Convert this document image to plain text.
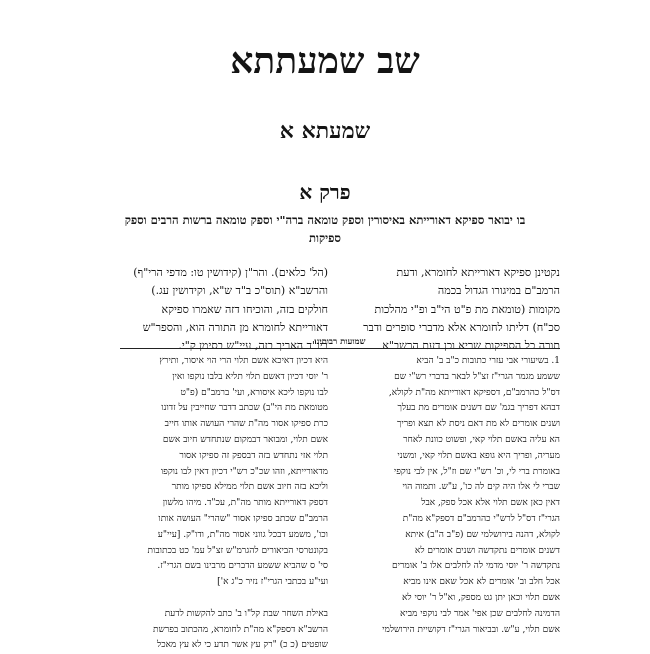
שב שמעתתא
שמעתא א
פרק א
בו יבואר ספיקא דאורייתא באיסורין וספק טומאה ברה"י וספק טומאה ברשות הרבים וספק ספיקות
נקטינן ספיקא דאורייתא לחומרא, ודעת
הרמב"ם במיגורו הגדול בכמה
מקומות (טומאת מת פ"ט הי"ב ופ"י מהלכות
סכ"ח) דליתו לחומרא אלא מדברי סופרים ודבר
תורה כל הספיקות שריא וכן דעת הרשב"א
(הל' כלאים). והר"ן (קידושין טו: מדפי הרי"ף)
והרשב"א (תוס"כ ב"ד ש"א, וקידושין עג.)
חולקים בזה, והוכיחו דזה שאמרו ספיקא
דאורייתא לחומרא מן התורה הוא, והספר"ש
ביו"ד האריך בזה, עיי"ש בסימן ק"י.
שמועות רבותינו
1. בשיעורי אבי עזרי כתובות כ"ב ב' הביא
ששמע מגמר הגרי"ז זצ"ל לבאר בדברי רש"י שם
דס"ל כהרמב"ם, דספיקא דאורייתא מה"ת לקולא,
דבהא דפריך בגמ' שם דשנים אומרים מת בעלך
ושנים אומרים לא מת דאם ניסת לא תצא ופריך
הא עליה באשם תלוי קאי, ופשוט כוונת לאחר
מעריה, ופריך היא גופא באשם תלוי קאי, ומשני
באומרת ברי לי, וכ' רש"י שם וז"ל, אין לבי נוקפי
שברי לי אלו היה קים לה כו', ע"ש. ותמוה הוי
דאין כאן אשם תלוי אלא אכל ספק, אבל
הגרי"ז דס"ל לרש"י כהרמב"ם דספק"א מה"ת
לקולא, דהנה בירושלמי שם (פ"ב ה"ב) איתא
דשנים אומרים נתקדשה ושנים אומרים לא
נתקדשה ר' יוסי מדמי לה לחלבים אלו ב' אומרים
אכל חלב וב' אומרים לא אכל שאם אינו מביא
אשם תלוי וכאן יתן גט מספק, וא"ל ר' יוסי לא
הדמינה לחלבים שכן אפי' אמר לבי נוקפי מביא
אשם תלוי, ע"ש. ובביאור הגרי"ז דקושיית הירושלמי
היא דכיון דאיכא אשם תלוי הרי הוי איסור, ותירץ
ר' יוסי דכיון דאשם תלוי תליא בלבו נוקפו ואין
לבו נוקפו ליכא איסורא, ועי' ברמב"ם (פ"ט
מטומאת מת הי"ב) שכתב דדבר שחייבין על זדונו
כרת ספיקו אסור מה"ת שהרי העושה אותו חייב
אשם תלוי, ומבואר דבמקום שנתחדש חיוב אשם
תלוי אזי נתחדש בזה דבספק זה ספיקו אסור
מדאורייתא, וזהו שכ"כ רש"י דכיון דאין לבו נוקפו
וליכא בזה חיוב אשם תלוי ממילא ספיקו מותר
דספק דאורייתא מותר מה"ת, עכ"ד. מיהו מלשון
הרמב"ם שכתב ספיקו אסור "שהרי" העושה אותו
וכו', משמע דבכל גווני אסור מה"ת, ודו"ק. [עיי"ע
בקונטרסי הביאורים להגרמ"ש זצ"ל עמ' כט בכתובות
סי' ס שהביא ששמע הדברים מרבינו בשם הגרי"ז.
ועי"ע בכתבי הגרי"ז נזיר כ"ג א']

באילת השחר שבת קל"ו ב' כתב להקשות לדעת
הרשב"א דספק"א מה"ת לחומרא, מהכתוב בפרשת
שופטים (כ כ) "רק עץ אשר תדע כי לא עץ מאכל
